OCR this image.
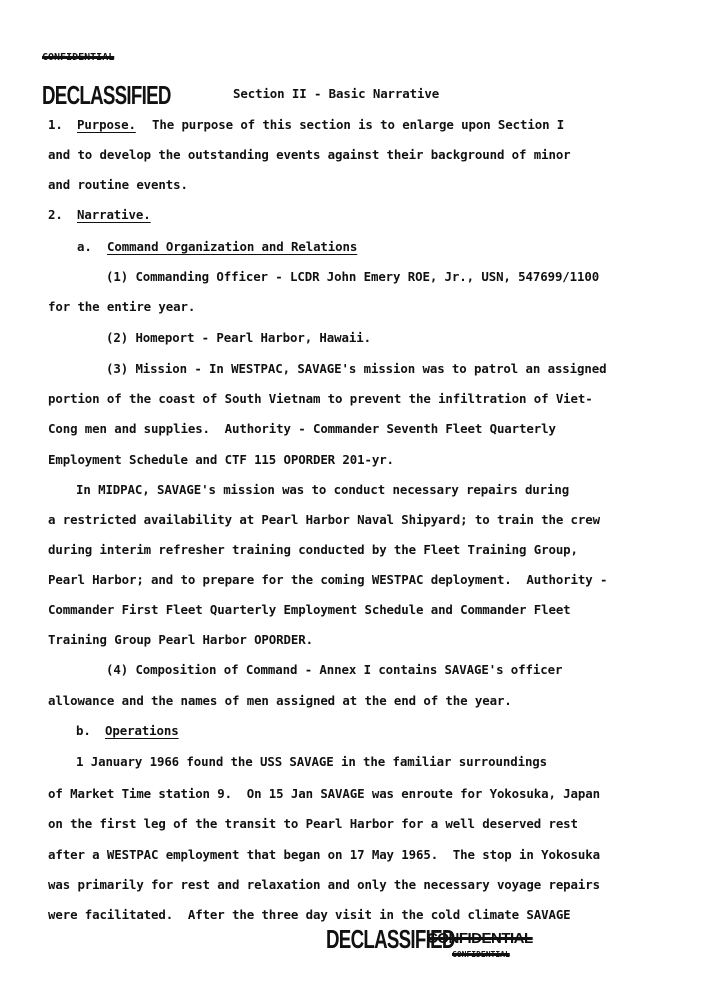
CONFIDENTIAL
DECLASSIFIED	Section II - Basic Narrative
1. Purpose. The purpose of this section is to enlarge upon Section I
and to develop the outstanding events against their background of minor
and routine events.
2. Narrative.
a. Command Organization and Relations
(1) Commanding Officer - LCDR John Emery ROE, Jr., USN, 547699/1100
for the entire year.
(2) Homeport - Pearl Harbor, Hawaii.
(3) Mission - In WESTPAC, SAVAGE's mission was to patrol an assigned
portion of the coast of South Vietnam to prevent the infiltration of Viet-
Cong men and supplies.  Authority - Commander Seventh Fleet Quarterly
Employment Schedule and CTF 115 OPORDER 201-yr.
In MIDPAC, SAVAGE's mission was to conduct necessary repairs during
a restricted availability at Pearl Harbor Naval Shipyard; to train the crew
during interim refresher training conducted by the Fleet Training Group,
Pearl Harbor; and to prepare for the coming WESTPAC deployment.  Authority -
Commander First Fleet Quarterly Employment Schedule and Commander Fleet
Training Group Pearl Harbor OPORDER.
(4) Composition of Command - Annex I contains SAVAGE's officer
allowance and the names of men assigned at the end of the year.
b. Operations
1 January 1966 found the USS SAVAGE in the familiar surroundings
of Market Time station 9.  On 15 Jan SAVAGE was enroute for Yokosuka, Japan
on the first leg of the transit to Pearl Harbor for a well deserved rest
after a WESTPAC employment that began on 17 May 1965.  The stop in Yokosuka
was primarily for rest and relaxation and only the necessary voyage repairs
were facilitated.  After the three day visit in the cold climate SAVAGE
DECLASSIFIED
CONFIDENTIAL
CONFIDENTIAL
